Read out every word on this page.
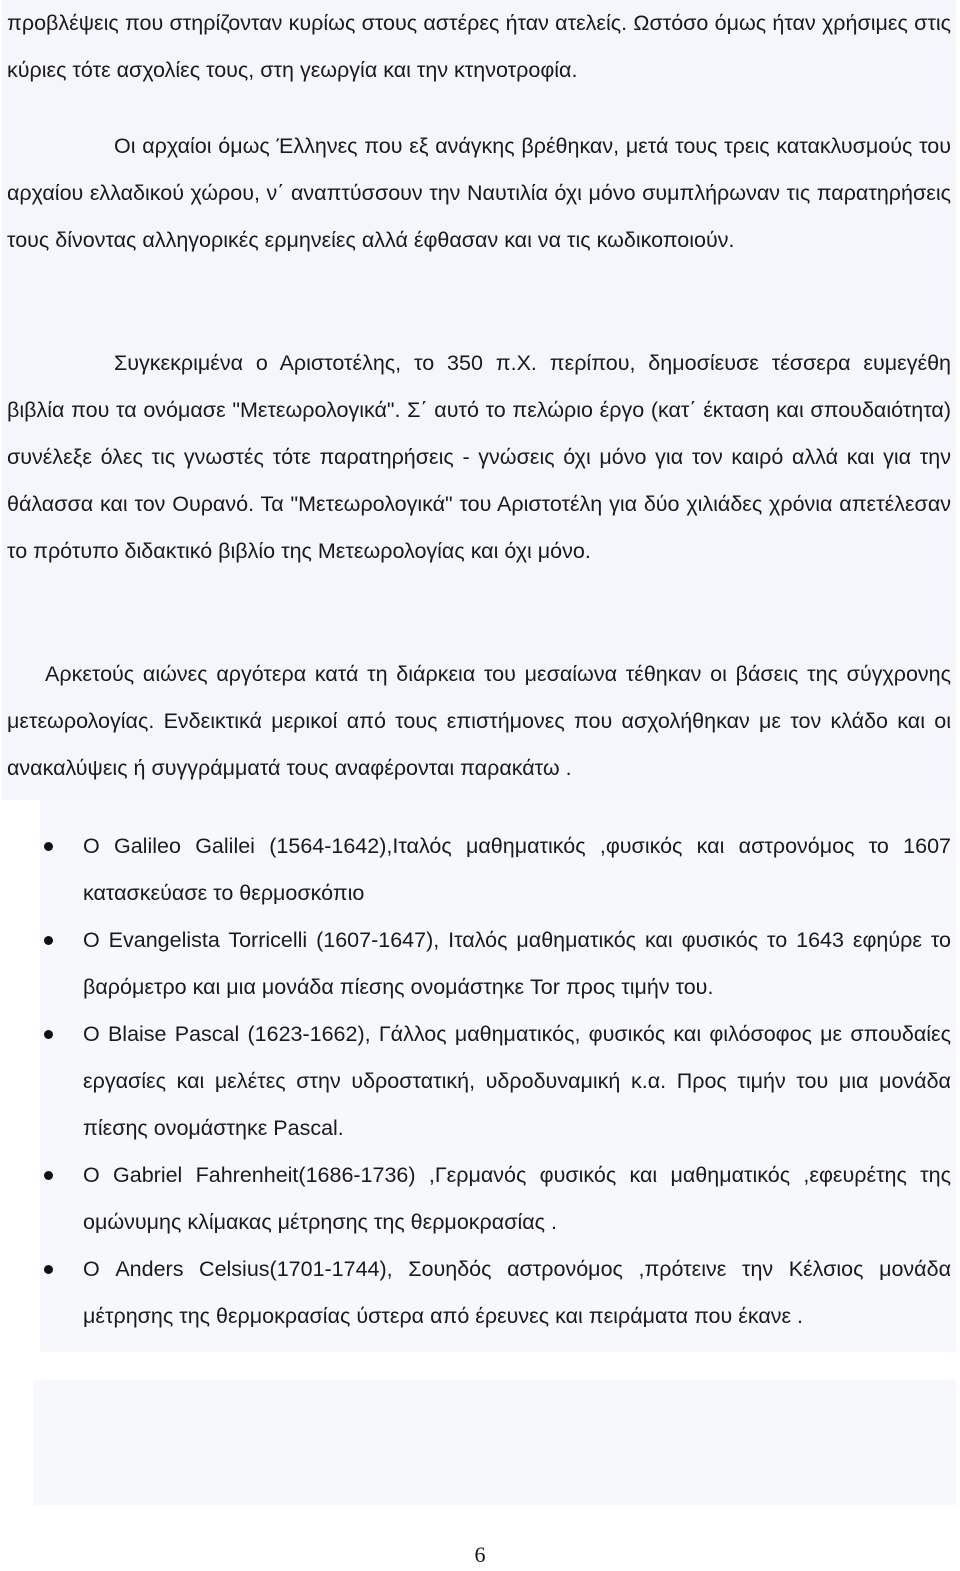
προβλέψεις που στηρίζονταν κυρίως στους αστέρες ήταν ατελείς. Ωστόσο όμως ήταν χρήσιμες στις κύριες τότε ασχολίες τους, στη γεωργία και την κτηνοτροφία.

Οι αρχαίοι όμως Έλληνες που εξ ανάγκης βρέθηκαν, μετά τους τρεις κατακλυσμούς του αρχαίου ελλαδικού χώρου, ν΄ αναπτύσσουν την Ναυτιλία όχι μόνο συμπλήρωναν τις παρατηρήσεις τους δίνοντας αλληγορικές ερμηνείες αλλά έφθασαν και να τις κωδικοποιούν.

Συγκεκριμένα ο Αριστοτέλης, το 350 π.Χ. περίπου, δημοσίευσε τέσσερα ευμεγέθη βιβλία που τα ονόμασε "Μετεωρολογικά". Σ΄ αυτό το πελώριο έργο (κατ΄ έκταση και σπουδαιότητα) συνέλεξε όλες τις γνωστές τότε παρατηρήσεις - γνώσεις όχι μόνο για τον καιρό αλλά και για την θάλασσα και τον Ουρανό. Τα "Μετεωρολογικά" του Αριστοτέλη για δύο χιλιάδες χρόνια απετέλεσαν το πρότυπο διδακτικό βιβλίο της Μετεωρολογίας και όχι μόνο.

Αρκετούς αιώνες αργότερα κατά τη διάρκεια του μεσαίωνα τέθηκαν οι βάσεις της σύγχρονης μετεωρολογίας. Ενδεικτικά μερικοί από τους επιστήμονες που ασχολήθηκαν με τον κλάδο και οι ανακαλύψεις ή συγγράμματά τους αναφέρονται παρακάτω .

Ο Galileo Galilei (1564-1642),Ιταλός μαθηματικός ,φυσικός και αστρονόμος το 1607 κατασκεύασε το θερμοσκόπιο
Ο Evangelista Torricelli (1607-1647), Ιταλός μαθηματικός και φυσικός το 1643 εφηύρε το βαρόμετρο και μια μονάδα πίεσης ονομάστηκε Tor προς τιμήν του.
Ο Blaise Pascal (1623-1662), Γάλλος μαθηματικός, φυσικός και φιλόσοφος με σπουδαίες εργασίες και μελέτες στην υδροστατική, υδροδυναμική κ.α. Προς τιμήν του μια μονάδα πίεσης ονομάστηκε Pascal.
Ο Gabriel Fahrenheit(1686-1736) ,Γερμανός φυσικός και μαθηματικός ,εφευρέτης της ομώνυμης κλίμακας μέτρησης της θερμοκρασίας .
Ο Anders Celsius(1701-1744), Σουηδός αστρονόμος ,πρότεινε την Κέλσιος μονάδα μέτρησης της θερμοκρασίας ύστερα από έρευνες και πειράματα που έκανε .
6
